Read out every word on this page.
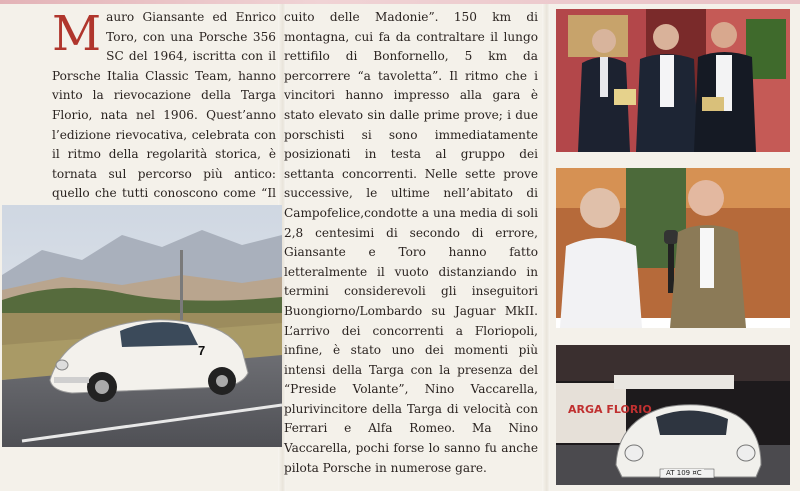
Mauro Giansante ed Enrico Toro, con una Porsche 356 SC del 1964, iscritta con il Porsche Italia Classic Team, hanno vinto la rievocazione della Targa Florio, nata nel 1906. Quest’anno l’edizione rievocativa, celebrata con il ritmo della regolarità storica, è tornata sul percorso più antico: quello che tutti conoscono come “Il
cuito delle Madonie”. 150 km di montagna, cui fa da contraltare il lungo rettifilo di Bonfornello, 5 km da percorrere “a tavoletta”. Il ritmo che i vincitori hanno impresso alla gara è stato elevato sin dalle prime prove; i due porschisti si sono immediatamente posizionati in testa al gruppo dei settanta concorrenti. Nelle sette prove successive, le ultime nell’abitato di Campofelice,condotte a una media di soli 2,8 centesimi di secondo di errore, Giansante e Toro hanno fatto letteralmente il vuoto distanziando in termini considerevoli gli inseguitori Buongiorno/Lombardo su Jaguar MkII. L’arrivo dei concorrenti a Floriopoli, infine, è stato uno dei momenti più intensi della Targa con la presenza del “Preside Volante”, Nino Vaccarella, plurivincitore della Targa di velocità con Ferrari e Alfa Romeo. Ma Nino Vaccarella, pochi forse lo sanno fu anche pilota Porsche in numerose gare.
7
ARGA FLORIO
AT 109 ¤C
